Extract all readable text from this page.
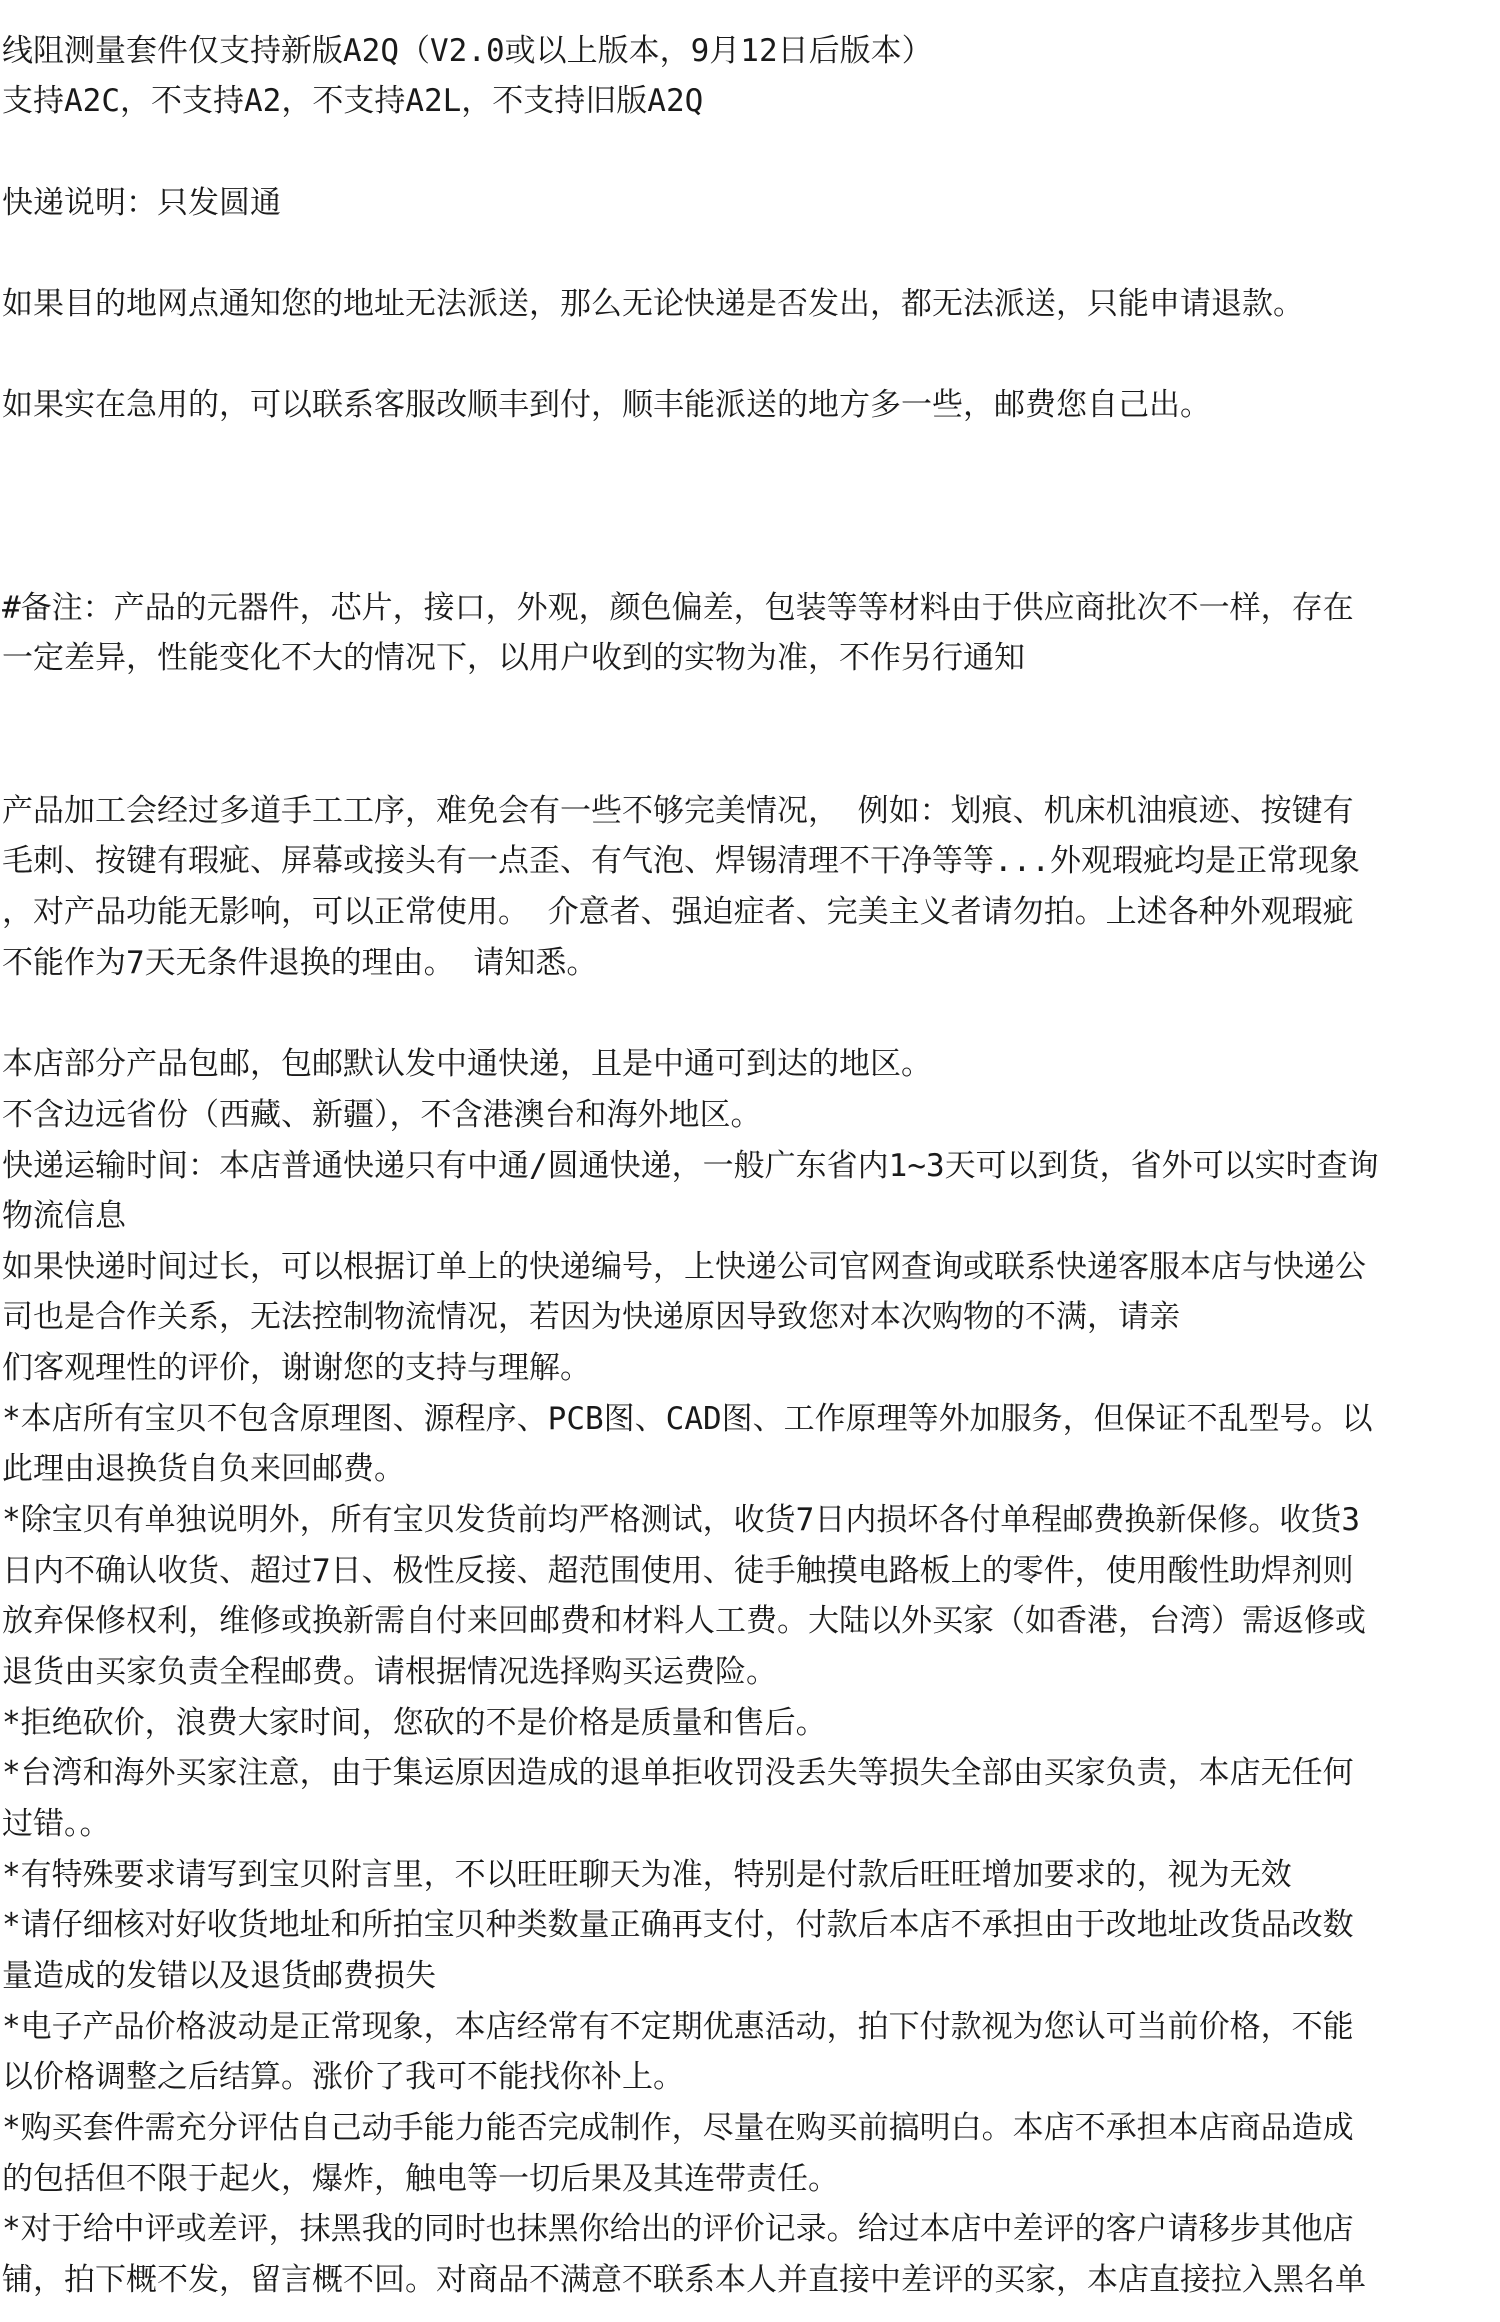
线阻测量套件仅支持新版A2Q（V2.0或以上版本，9月12日后版本）
支持A2C，不支持A2，不支持A2L，不支持旧版A2Q
快递说明：只发圆通
如果目的地网点通知您的地址无法派送，那么无论快递是否发出，都无法派送，只能申请退款。
如果实在急用的，可以联系客服改顺丰到付，顺丰能派送的地方多一些，邮费您自己出。
#备注：产品的元器件，芯片，接口，外观，颜色偏差，包装等等材料由于供应商批次不一样，存在
一定差异，性能变化不大的情况下，以用户收到的实物为准，不作另行通知
产品加工会经过多道手工工序，难免会有一些不够完美情况， 例如：划痕、机床机油痕迹、按键有
毛刺、按键有瑕疵、屏幕或接头有一点歪、有气泡、焊锡清理不干净等等...外观瑕疵均是正常现象
，对产品功能无影响，可以正常使用。 介意者、强迫症者、完美主义者请勿拍。上述各种外观瑕疵
不能作为7天无条件退换的理由。 请知悉。
本店部分产品包邮，包邮默认发中通快递，且是中通可到达的地区。
不含边远省份（西藏、新疆），不含港澳台和海外地区。
快递运输时间：本店普通快递只有中通/圆通快递，一般广东省内1~3天可以到货，省外可以实时查询
物流信息
如果快递时间过长，可以根据订单上的快递编号，上快递公司官网查询或联系快递客服本店与快递公
司也是合作关系，无法控制物流情况，若因为快递原因导致您对本次购物的不满，请亲
们客观理性的评价，谢谢您的支持与理解。
*本店所有宝贝不包含原理图、源程序、PCB图、CAD图、工作原理等外加服务，但保证不乱型号。以
此理由退换货自负来回邮费。
*除宝贝有单独说明外，所有宝贝发货前均严格测试，收货7日内损坏各付单程邮费换新保修。收货3
日内不确认收货、超过7日、极性反接、超范围使用、徒手触摸电路板上的零件，使用酸性助焊剂则
放弃保修权利，维修或换新需自付来回邮费和材料人工费。大陆以外买家（如香港，台湾）需返修或
退货由买家负责全程邮费。请根据情况选择购买运费险。
*拒绝砍价，浪费大家时间，您砍的不是价格是质量和售后。
*台湾和海外买家注意，由于集运原因造成的退单拒收罚没丢失等损失全部由买家负责，本店无任何
过错。。
*有特殊要求请写到宝贝附言里，不以旺旺聊天为准，特别是付款后旺旺增加要求的，视为无效
*请仔细核对好收货地址和所拍宝贝种类数量正确再支付，付款后本店不承担由于改地址改货品改数
量造成的发错以及退货邮费损失
*电子产品价格波动是正常现象，本店经常有不定期优惠活动，拍下付款视为您认可当前价格，不能
以价格调整之后结算。涨价了我可不能找你补上。
*购买套件需充分评估自己动手能力能否完成制作，尽量在购买前搞明白。本店不承担本店商品造成
的包括但不限于起火，爆炸，触电等一切后果及其连带责任。
*对于给中评或差评，抹黑我的同时也抹黑你给出的评价记录。给过本店中差评的客户请移步其他店
铺，拍下概不发，留言概不回。对商品不满意不联系本人并直接中差评的买家，本店直接拉入黑名单
